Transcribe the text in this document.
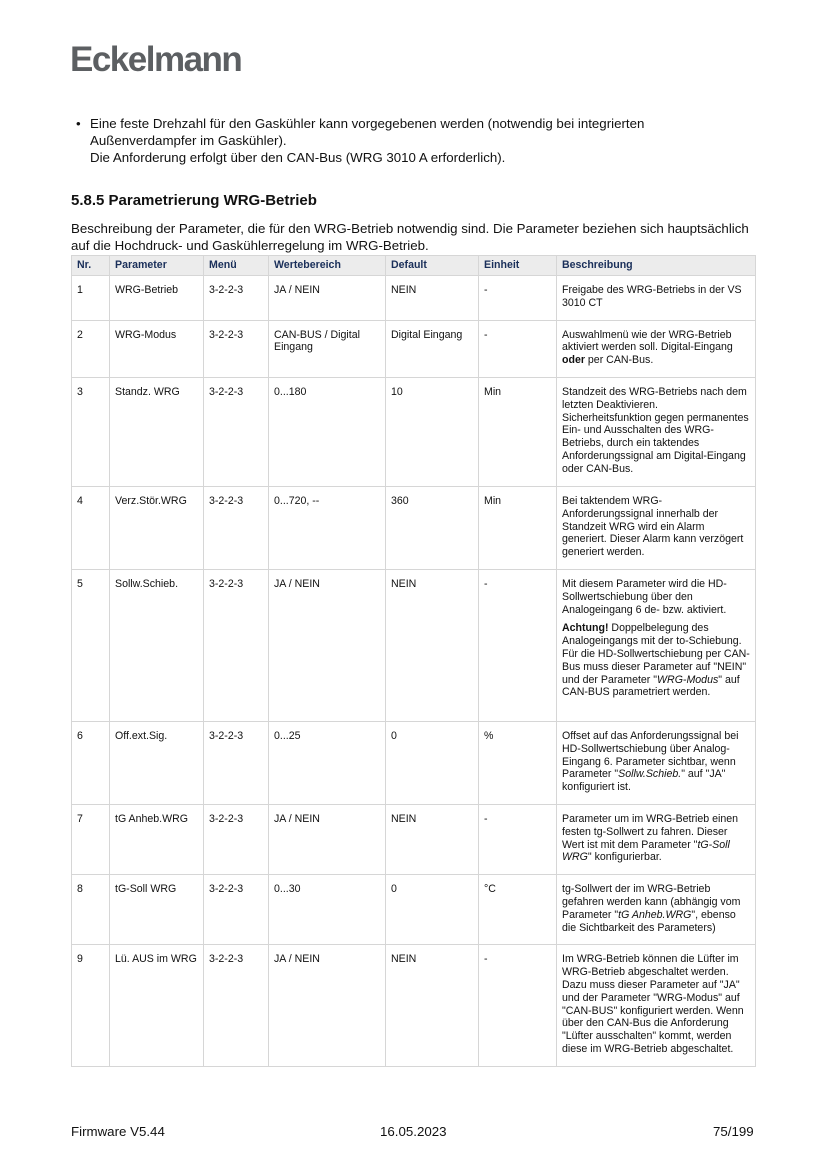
Eckelmann
• Eine feste Drehzahl für den Gaskühler kann vorgegebenen werden (notwendig bei integrierten
Außenverdampfer im Gaskühler).
Die Anforderung erfolgt über den CAN-Bus (WRG 3010 A erforderlich).
5.8.5 Parametrierung WRG-Betrieb
Beschreibung der Parameter, die für den WRG-Betrieb notwendig sind. Die Parameter beziehen sich hauptsächlich auf die Hochdruck- und Gaskühlerregelung im WRG-Betrieb.
Nr.	Parameter	Menü	Wertebereich	Default	Einheit	Beschreibung
1	WRG-Betrieb	3-2-2-3	JA / NEIN	NEIN	-	Freigabe des WRG-Betriebs in der VS 3010 CT

2	WRG-Modus	3-2-2-3	CAN-BUS / Digital Eingang	Digital Eingang	-	Auswahlmenü wie der WRG-Betrieb aktiviert werden soll. Digital-Eingang oder per CAN-Bus.

3	Standz. WRG	3-2-2-3	0...180	10	Min	Standzeit des WRG-Betriebs nach dem letzten Deaktivieren. Sicherheitsfunktion gegen permanentes Ein- und Ausschalten des WRG-Betriebs, durch ein taktendes Anforderungssignal am Digital-Eingang oder CAN-Bus.

4	Verz.Stör.WRG	3-2-2-3	0...720, --	360	Min	Bei taktendem WRG-Anforderungssignal innerhalb der Standzeit WRG wird ein Alarm generiert. Dieser Alarm kann verzögert generiert werden.

5	Sollw.Schieb.	3-2-2-3	JA / NEIN	NEIN	-	Mit diesem Parameter wird die HD-Sollwertschiebung über den Analogeingang 6 de- bzw. aktiviert.

Achtung! Doppelbelegung des Analogeingangs mit der to-Schiebung. Für die HD-Sollwertschiebung per CAN-Bus muss dieser Parameter auf "NEIN" und der Parameter "WRG-Modus" auf CAN-BUS parametriert werden.

6	Off.ext.Sig.	3-2-2-3	0...25	0	%	Offset auf das Anforderungssignal bei HD-Sollwertschiebung über Analog-Eingang 6. Parameter sichtbar, wenn Parameter "Sollw.Schieb." auf "JA" konfiguriert ist.

7	tG Anheb.WRG	3-2-2-3	JA / NEIN	NEIN	-	Parameter um im WRG-Betrieb einen festen tg-Sollwert zu fahren. Dieser Wert ist mit dem Parameter "tG-Soll WRG" konfigurierbar.

8	tG-Soll WRG	3-2-2-3	0...30	0	°C	tg-Sollwert der im WRG-Betrieb gefahren werden kann (abhängig vom Parameter "tG Anheb.WRG", ebenso die Sichtbarkeit des Parameters)

9	Lü. AUS im WRG	3-2-2-3	JA / NEIN	NEIN	-	Im WRG-Betrieb können die Lüfter im WRG-Betrieb abgeschaltet werden. Dazu muss dieser Parameter auf "JA" und der Parameter "WRG-Modus" auf "CAN-BUS" konfiguriert werden. Wenn über den CAN-Bus die Anforderung "Lüfter ausschalten" kommt, werden diese im WRG-Betrieb abgeschaltet.

Firmware V5.44	16.05.2023	75/199
